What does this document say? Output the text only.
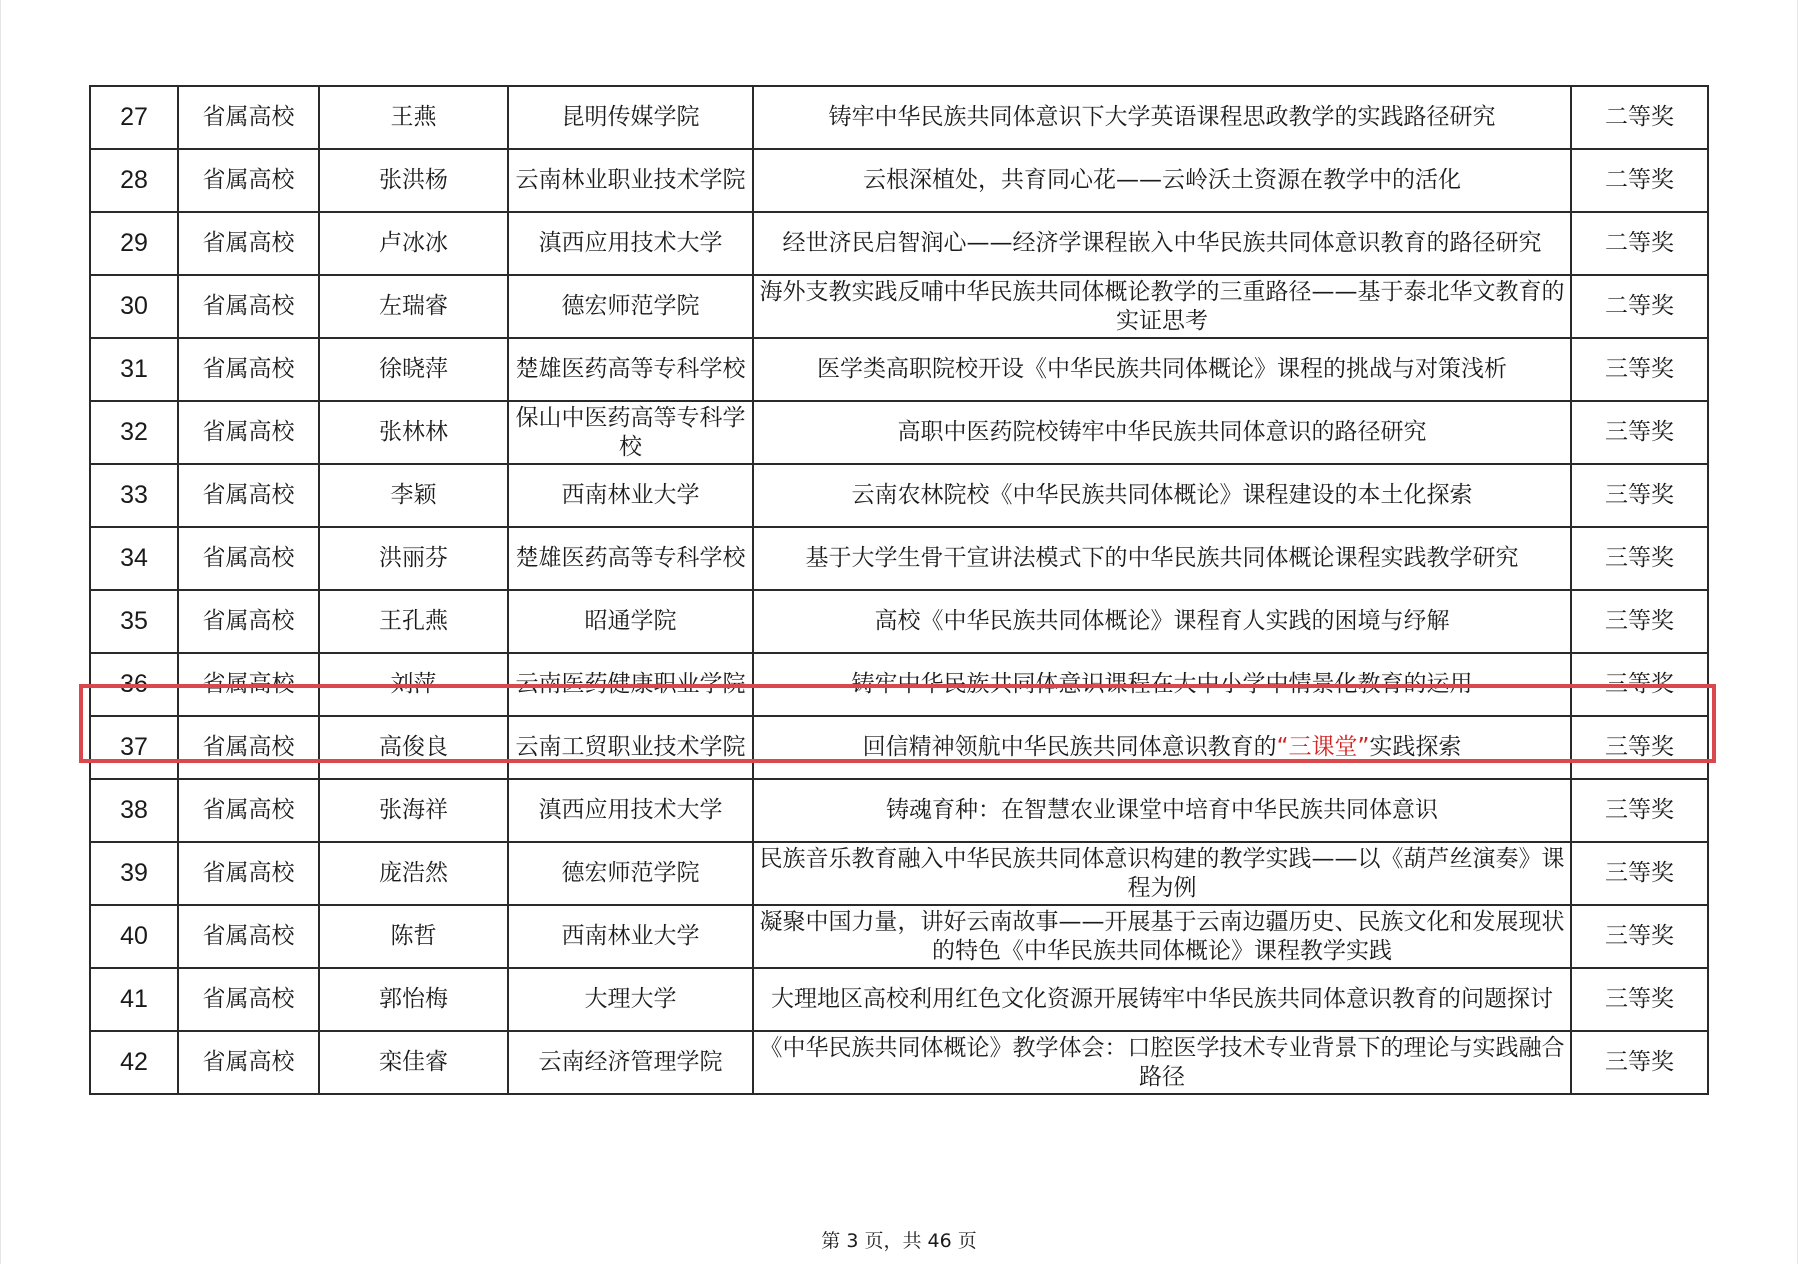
27	省属高校	王燕	昆明传媒学院	铸牢中华民族共同体意识下大学英语课程思政教学的实践路径研究	二等奖
28	省属高校	张洪杨	云南林业职业技术学院	云根深植处，共育同心花——云岭沃土资源在教学中的活化	二等奖
29	省属高校	卢冰冰	滇西应用技术大学	经世济民启智润心——经济学课程嵌入中华民族共同体意识教育的路径研究	二等奖
30	省属高校	左瑞睿	德宏师范学院	海外支教实践反哺中华民族共同体概论教学的三重路径——基于泰北华文教育的实证思考	二等奖
31	省属高校	徐晓萍	楚雄医药高等专科学校	医学类高职院校开设《中华民族共同体概论》课程的挑战与对策浅析	三等奖
32	省属高校	张林林	保山中医药高等专科学校	高职中医药院校铸牢中华民族共同体意识的路径研究	三等奖
33	省属高校	李颖	西南林业大学	云南农林院校《中华民族共同体概论》课程建设的本土化探索	三等奖
34	省属高校	洪丽芬	楚雄医药高等专科学校	基于大学生骨干宣讲法模式下的中华民族共同体概论课程实践教学研究	三等奖
35	省属高校	王孔燕	昭通学院	高校《中华民族共同体概论》课程育人实践的困境与纾解	三等奖
36	省属高校	刘萍	云南医药健康职业学院	铸牢中华民族共同体意识课程在大中小学中情景化教育的运用	三等奖
37	省属高校	高俊良	云南工贸职业技术学院	回信精神领航中华民族共同体意识教育的“三课堂”实践探索	三等奖
38	省属高校	张海祥	滇西应用技术大学	铸魂育种：在智慧农业课堂中培育中华民族共同体意识	三等奖
39	省属高校	庞浩然	德宏师范学院	民族音乐教育融入中华民族共同体意识构建的教学实践——以《葫芦丝演奏》课程为例	三等奖
40	省属高校	陈哲	西南林业大学	凝聚中国力量，讲好云南故事——开展基于云南边疆历史、民族文化和发展现状的特色《中华民族共同体概论》课程教学实践	三等奖
41	省属高校	郭怡梅	大理大学	大理地区高校利用红色文化资源开展铸牢中华民族共同体意识教育的问题探讨	三等奖
42	省属高校	栾佳睿	云南经济管理学院	《中华民族共同体概论》教学体会：口腔医学技术专业背景下的理论与实践融合路径	三等奖
第 3 页，共 46 页
